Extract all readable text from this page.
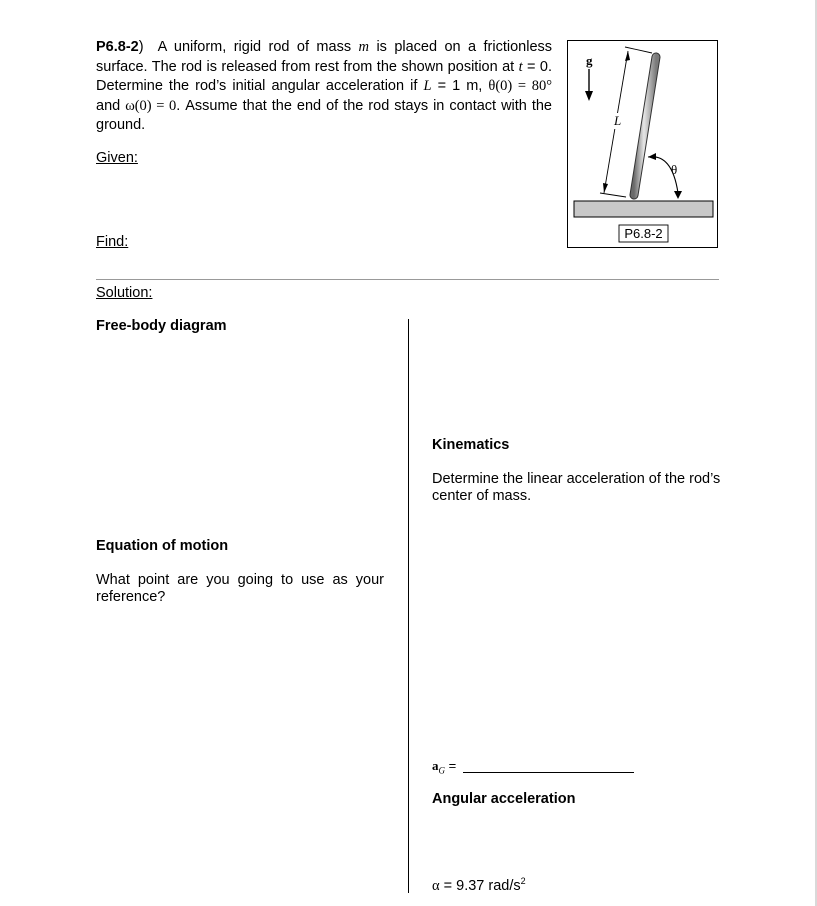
P6.8-2)  A uniform, rigid rod of mass m is placed on a frictionless surface. The rod is released from rest from the shown position at t = 0. Determine the rod’s initial angular acceleration if L = 1 m, θ(0) = 80° and ω(0) = 0. Assume that the end of the rod stays in contact with the ground.
g
L
θ
P6.8-2
Given:
Find:
Solution:
Free-body diagram
Equation of motion
What point are you going to use as your reference?
Kinematics
Determine the linear acceleration of the rod’s center of mass.
$a_G$ =
Angular acceleration
α = 9.37 rad/$s^2$
